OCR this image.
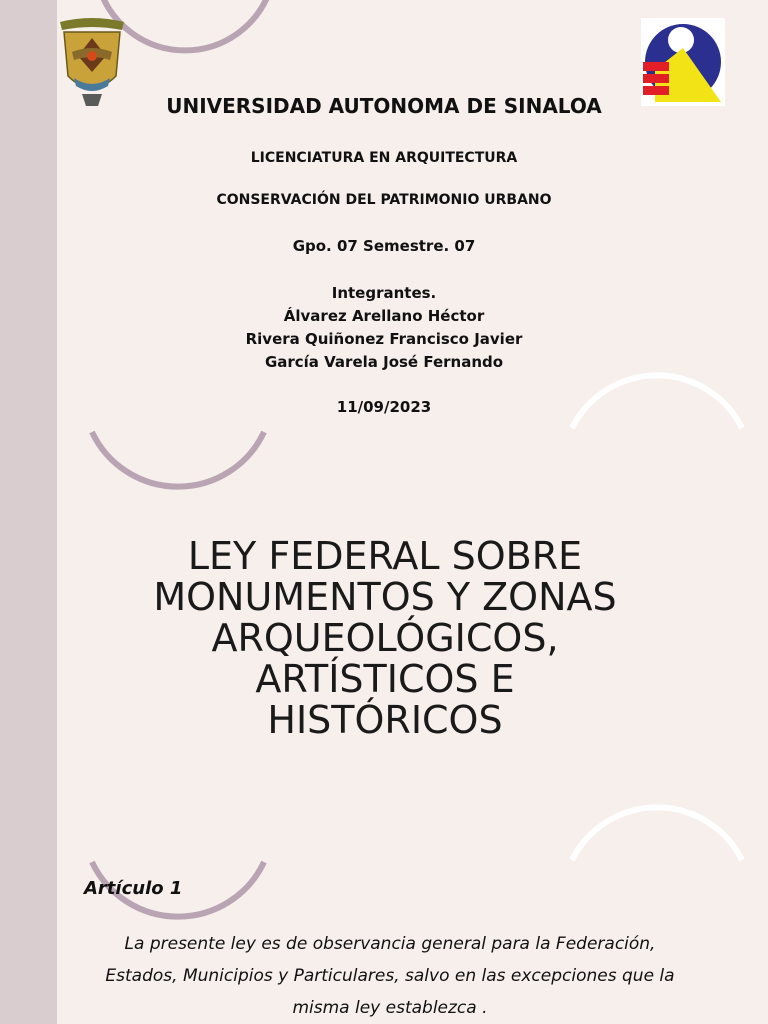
UNIVERSIDAD AUTONOMA DE SINALOA
LICENCIATURA EN ARQUITECTURA
CONSERVACIÓN DEL PATRIMONIO URBANO
Gpo. 07 Semestre. 07
Integrantes.
Álvarez Arellano Héctor
Rivera Quiñonez Francisco Javier
García Varela José Fernando
11/09/2023
LEY FEDERAL SOBRE
MONUMENTOS Y ZONAS
ARQUEOLÓGICOS,
ARTÍSTICOS E
HISTÓRICOS
Artículo 1
La presente ley es de observancia general para la Federación,
Estados, Municipios y Particulares, salvo en las excepciones que la
misma ley establezca .
